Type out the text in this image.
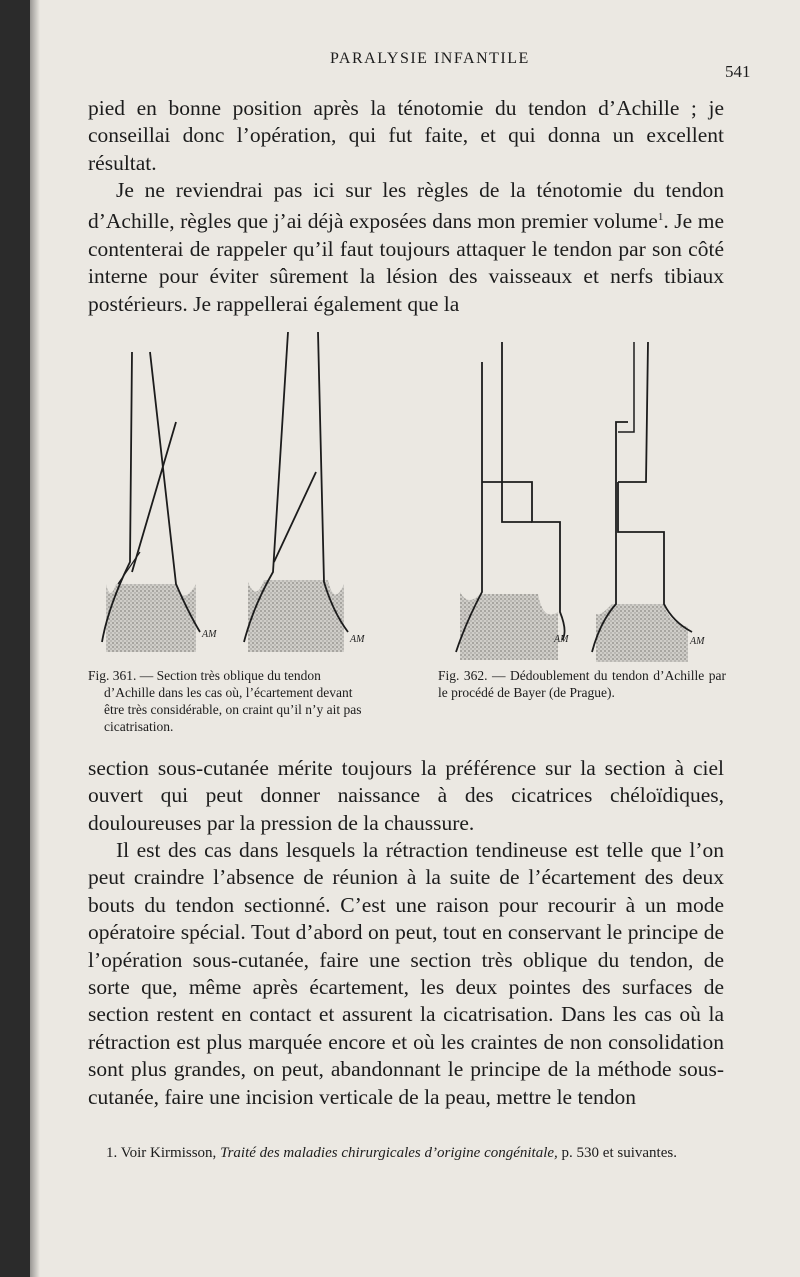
PARALYSIE INFANTILE
541

pied en bonne position après la ténotomie du tendon d’Achille ; je conseillai donc l’opération, qui fut faite, et qui donna un excellent résultat.

Je ne reviendrai pas ici sur les règles de la ténotomie du tendon d’Achille, règles que j’ai déjà exposées dans mon premier volume$^1$. Je me contenterai de rappeler qu’il faut toujours attaquer le tendon par son côté interne pour éviter sûrement la lésion des vaisseaux et nerfs tibiaux postérieurs. Je rappellerai également que la

AM	AM	AM	AM

Fig. 361. — Section très oblique du tendon
d’Achille dans les cas où, l’écartement devant être très considérable, on craint qu’il n’y ait pas cicatrisation.

Fig. 362. — Dédoublement du tendon d’Achille par le procédé de Bayer (de Prague).

section sous-cutanée mérite toujours la préférence sur la section à ciel ouvert qui peut donner naissance à des cicatrices chéloïdiques, douloureuses par la pression de la chaussure.

Il est des cas dans lesquels la rétraction tendineuse est telle que l’on peut craindre l’absence de réunion à la suite de l’écartement des deux bouts du tendon sectionné. C’est une raison pour recourir à un mode opératoire spécial. Tout d’abord on peut, tout en conservant le principe de l’opération sous-cutanée, faire une section très oblique du tendon, de sorte que, même après écartement, les deux pointes des surfaces de section restent en contact et assurent la cicatrisation. Dans les cas où la rétraction est plus marquée encore et où les craintes de non consolidation sont plus grandes, on peut, abandonnant le principe de la méthode sous-cutanée, faire une incision verticale de la peau, mettre le tendon

1. Voir Kirmisson, Traité des maladies chirurgicales d’origine congénitale, p. 530 et suivantes.
